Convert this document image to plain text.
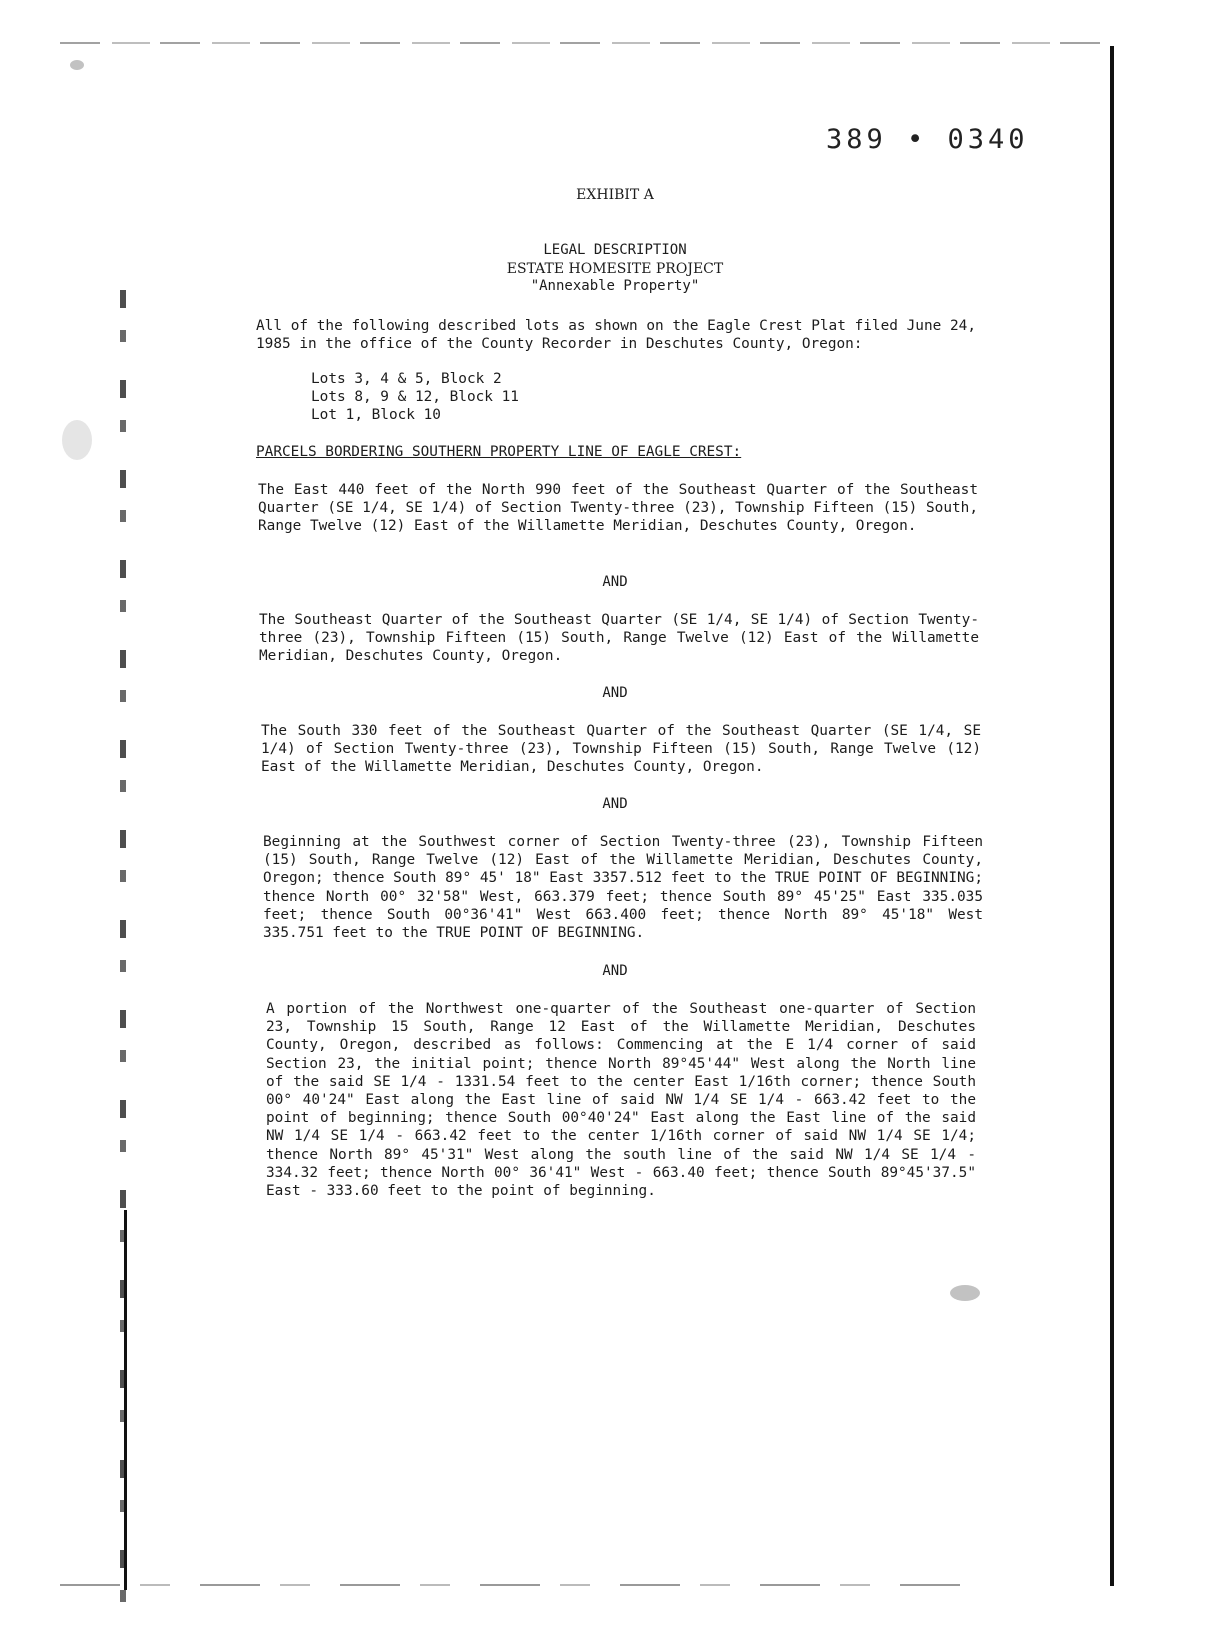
389 • 0340
EXHIBIT A
LEGAL DESCRIPTION
ESTATE HOMESITE PROJECT
"Annexable Property"
All of the following described lots as shown on the Eagle Crest Plat filed June 24, 1985 in the office of the County Recorder in Deschutes County, Oregon:
Lots 3, 4 & 5, Block 2
Lots 8, 9 & 12, Block 11
Lot 1, Block 10
PARCELS BORDERING SOUTHERN PROPERTY LINE OF EAGLE CREST:
The East 440 feet of the North 990 feet of the Southeast Quarter of the Southeast Quarter (SE 1/4, SE 1/4) of Section Twenty-three (23), Township Fifteen (15) South, Range Twelve (12) East of the Willamette Meridian, Deschutes County, Oregon.
AND
The Southeast Quarter of the Southeast Quarter (SE 1/4, SE 1/4) of Section Twenty-three (23), Township Fifteen (15) South, Range Twelve (12) East of the Willamette Meridian, Deschutes County, Oregon.
AND
The South 330 feet of the Southeast Quarter of the Southeast Quarter (SE 1/4, SE 1/4) of Section Twenty-three (23), Township Fifteen (15) South, Range Twelve (12) East of the Willamette Meridian, Deschutes County, Oregon.
AND
Beginning at the Southwest corner of Section Twenty-three (23), Township Fifteen (15) South, Range Twelve (12) East of the Willamette Meridian, Deschutes County, Oregon; thence South 89° 45' 18" East 3357.512 feet to the TRUE POINT OF BEGINNING; thence North 00° 32'58" West, 663.379 feet; thence South 89° 45'25" East 335.035 feet; thence South 00°36'41" West 663.400 feet; thence North 89° 45'18" West 335.751 feet to the TRUE POINT OF BEGINNING.
AND
A portion of the Northwest one-quarter of the Southeast one-quarter of Section 23, Township 15 South, Range 12 East of the Willamette Meridian, Deschutes County, Oregon, described as follows: Commencing at the E 1/4 corner of said Section 23, the initial point; thence North 89°45'44" West along the North line of the said SE 1/4 - 1331.54 feet to the center East 1/16th corner; thence South 00° 40'24" East along the East line of said NW 1/4 SE 1/4 - 663.42 feet to the point of beginning; thence South 00°40'24" East along the East line of the said NW 1/4 SE 1/4 - 663.42 feet to the center 1/16th corner of said NW 1/4 SE 1/4; thence North 89° 45'31" West along the south line of the said NW 1/4 SE 1/4 - 334.32 feet; thence North 00° 36'41" West - 663.40 feet; thence South 89°45'37.5" East - 333.60 feet to the point of beginning.
